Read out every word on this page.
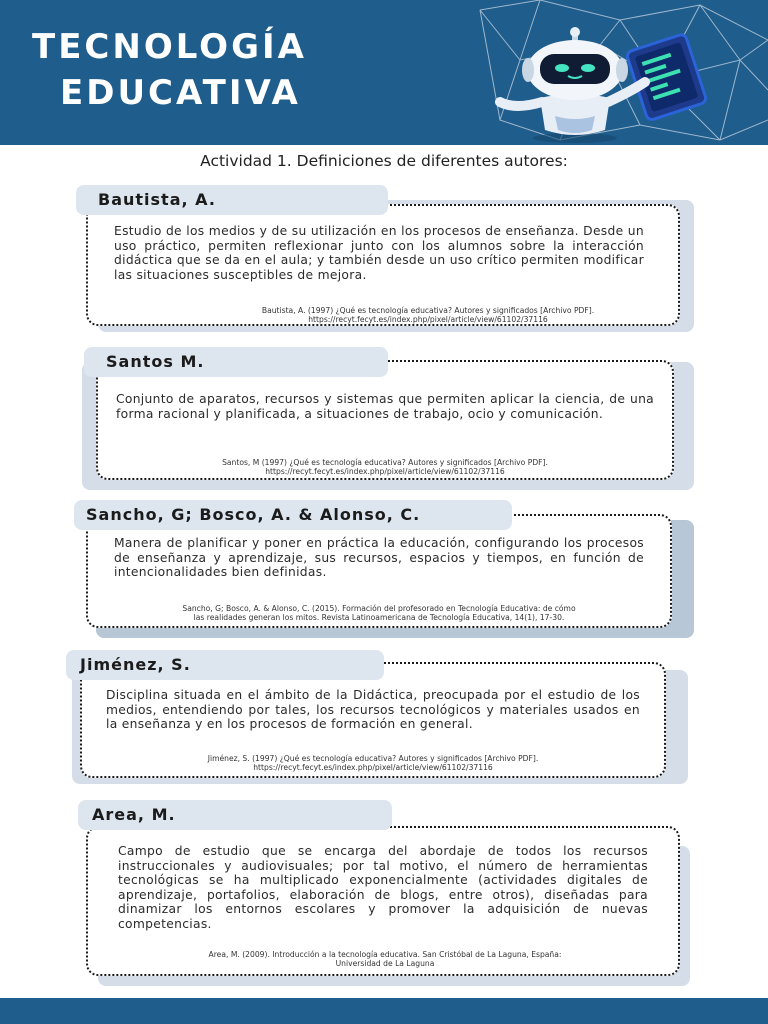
TECNOLOGÍA
EDUCATIVA

Actividad 1. Definiciones de diferentes autores:

Estudio de los medios y de su utilización en los procesos de enseñanza. Desde un uso práctico, permiten reflexionar junto con los alumnos sobre la interacción didáctica que se da en el aula; y también desde un uso crítico permiten modificar las situaciones susceptibles de mejora.

Bautista, A. (1997) ¿Qué es tecnología educativa? Autores y significados [Archivo PDF].

https://recyt.fecyt.es/index.php/pixel/article/view/61102/37116

Bautista, A.

Conjunto de aparatos, recursos y sistemas que permiten aplicar la ciencia, de una forma racional y planificada, a situaciones de trabajo, ocio y comunicación.

Santos, M (1997) ¿Qué es tecnología educativa? Autores y significados [Archivo PDF].

https://recyt.fecyt.es/index.php/pixel/article/view/61102/37116

Santos M.

Manera de planificar y poner en práctica la educación, configurando los procesos de enseñanza y aprendizaje, sus recursos, espacios y tiempos, en función de intencionalidades bien definidas.

Sancho, G; Bosco, A. & Alonso, C. (2015). Formación del profesorado en Tecnología Educativa: de cómo

las realidades generan los mitos. Revista Latinoamericana de Tecnología Educativa, 14(1), 17-30.

Sancho, G; Bosco, A. & Alonso, C.

Disciplina situada en el ámbito de la Didáctica, preocupada por el estudio de los medios, entendiendo por tales, los recursos tecnológicos y materiales usados en la enseñanza y en los procesos de formación en general.

Jiménez, S. (1997) ¿Qué es tecnología educativa? Autores y significados [Archivo PDF].

https://recyt.fecyt.es/index.php/pixel/article/view/61102/37116

Jiménez, S.

Campo de estudio que se encarga del abordaje de todos los recursos instruccionales y audiovisuales; por tal motivo, el número de herramientas tecnológicas se ha multiplicado exponencialmente (actividades digitales de aprendizaje, portafolios, elaboración de blogs, entre otros), diseñadas para dinamizar los entornos escolares y promover la adquisición de nuevas competencias.

Area, M. (2009). Introducción a la tecnología educativa. San Cristóbal de La Laguna, España:

Universidad de La Laguna

Area, M.
